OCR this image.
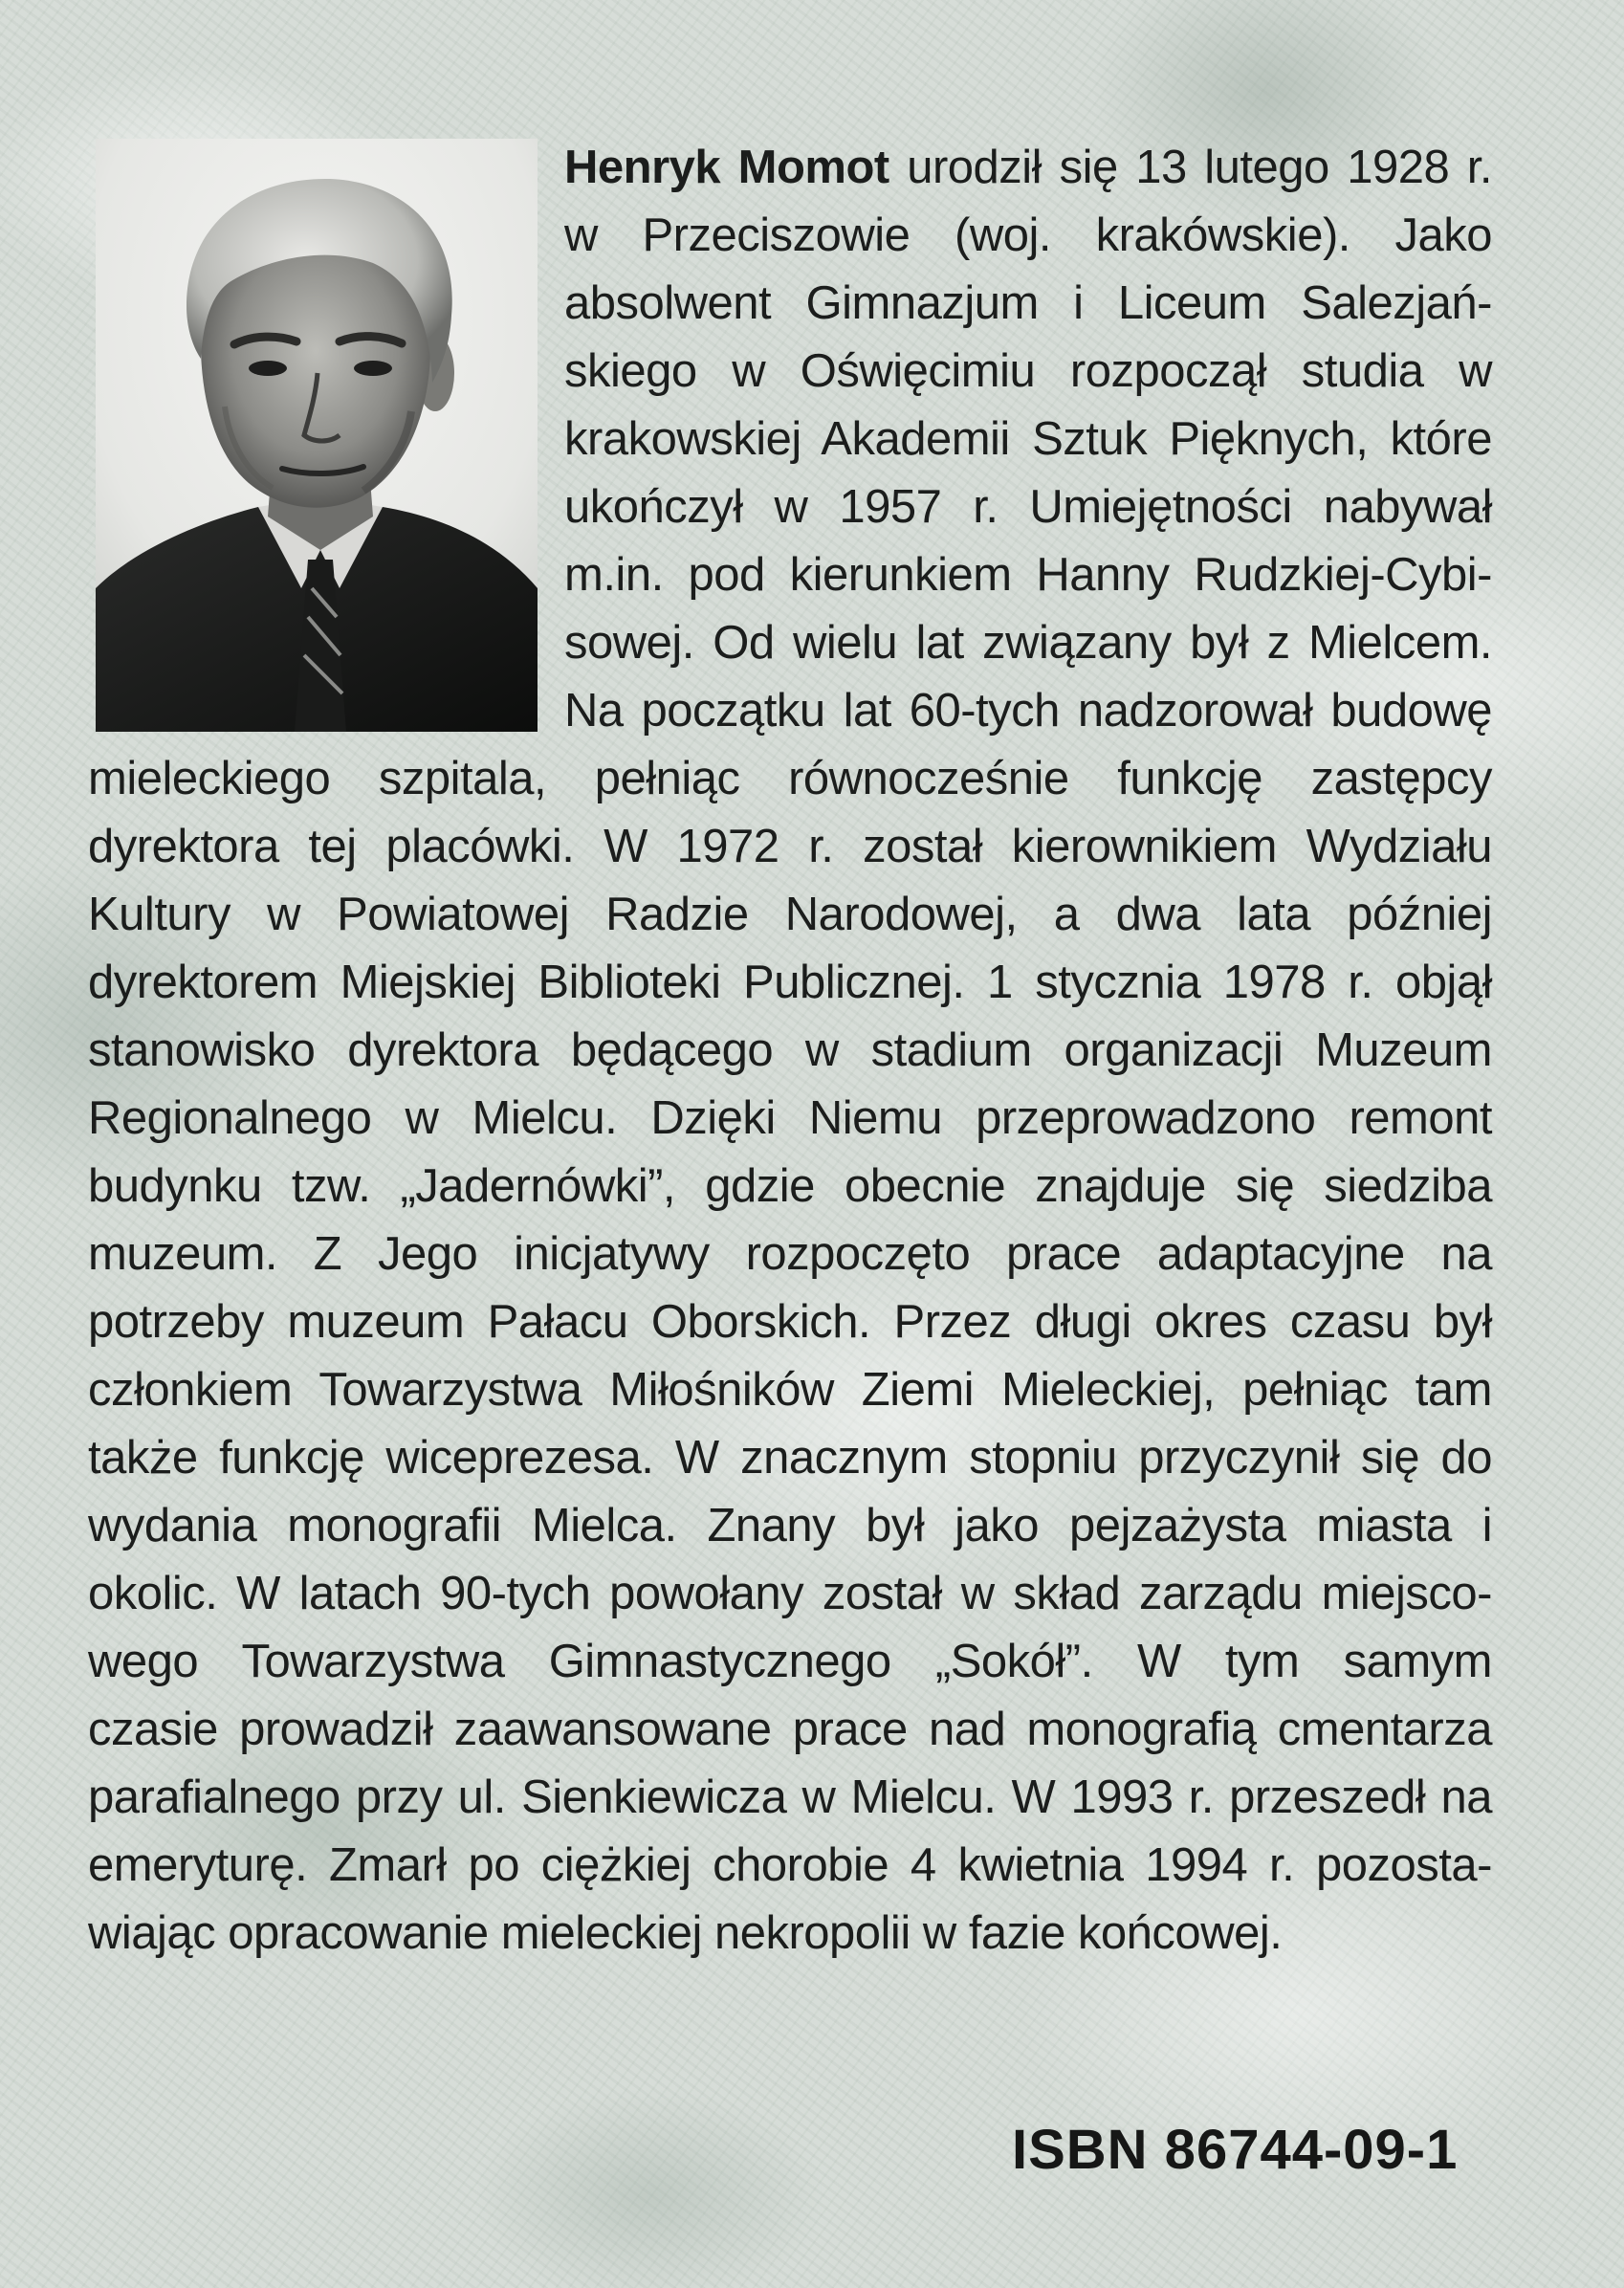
Henryk Momot urodził się 13 lutego 1928 r.
w Przeciszowie (woj. krakówskie). Jako
absolwent Gimnazjum i Liceum Salezjań-
skiego w Oświęcimiu rozpoczął studia w
krakowskiej Akademii Sztuk Pięknych, które
ukończył w 1957 r. Umiejętności nabywał
m.in. pod kierunkiem Hanny Rudzkiej-Cybi-
sowej. Od wielu lat związany był z Mielcem.
Na początku lat 60-tych nadzorował budowę
mieleckiego szpitala, pełniąc równocześnie funkcję zastępcy
dyrektora tej placówki. W 1972 r. został kierownikiem Wydziału
Kultury w Powiatowej Radzie Narodowej, a dwa lata później
dyrektorem Miejskiej Biblioteki Publicznej. 1 stycznia 1978 r. objął
stanowisko dyrektora będącego w stadium organizacji Muzeum
Regionalnego w Mielcu. Dzięki Niemu przeprowadzono remont
budynku tzw. „Jadernówki”, gdzie obecnie znajduje się siedziba
muzeum. Z Jego inicjatywy rozpoczęto prace adaptacyjne na
potrzeby muzeum Pałacu Oborskich. Przez długi okres czasu był
członkiem Towarzystwa Miłośników Ziemi Mieleckiej, pełniąc tam
także funkcję wiceprezesa. W znacznym stopniu przyczynił się do
wydania monografii Mielca. Znany był jako pejzażysta miasta i
okolic. W latach 90-tych powołany został w skład zarządu miejsco-
wego Towarzystwa Gimnastycznego „Sokół”. W tym samym
czasie prowadził zaawansowane prace nad monografią cmentarza
parafialnego przy ul. Sienkiewicza w Mielcu. W 1993 r. przeszedł na
emeryturę. Zmarł po ciężkiej chorobie 4 kwietnia 1994 r. pozosta-
wiając opracowanie mieleckiej nekropolii w fazie końcowej.
ISBN 86744-09-1
